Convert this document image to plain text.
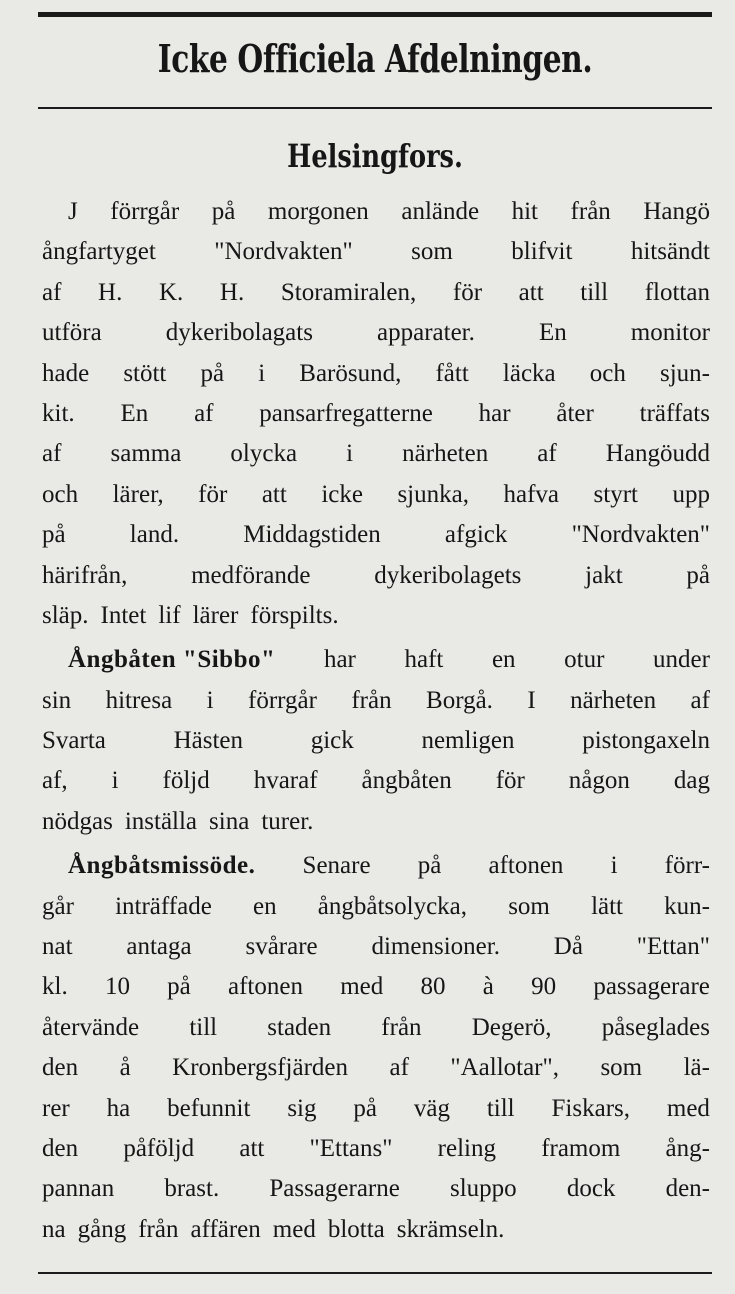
Icke Officiela Afdelningen.
Helsingfors.
J förrgår på morgonen anlände hit från Hangö
ångfartyget "Nordvakten" som blifvit hitsändt
af H. K. H. Storamiralen, för att till flottan
utföra	dykeribolagats	apparater.	En	monitor
hade stött på i Barösund, fått läcka och sjun-
kit. En af pansarfregatterne har åter träffats
af samma olycka i närheten af Hangöudd
och lärer, för att icke sjunka, hafva styrt upp
på	land.	Middagstiden	afgick	"Nordvakten"
härifrån,	medförande	dykeribolagets	jakt	på
släp. Intet lif lärer förspilts.
Ångbåten "Sibbo" har haft en otur under
sin hitresa i förrgår från Borgå. I närheten af
Svarta	Hästen	gick	nemligen	pistongaxeln
af, i följd hvaraf ångbåten för någon dag
nödgas inställa sina turer.
Ångbåtsmissöde. Senare på aftonen i förr-
går inträffade en ångbåtsolycka, som lätt kun-
nat antaga svårare dimensioner. Då "Ettan"
kl. 10 på aftonen med 80 à 90 passagerare
återvände till staden från Degerö, påseglades
den å Kronbergsfjärden af "Aallotar", som lä-
rer ha befunnit sig på väg till Fiskars, med
den påföljd att "Ettans" reling framom ång-
pannan brast. Passagerarne sluppo dock den-
na gång från affären med blotta skrämseln.
